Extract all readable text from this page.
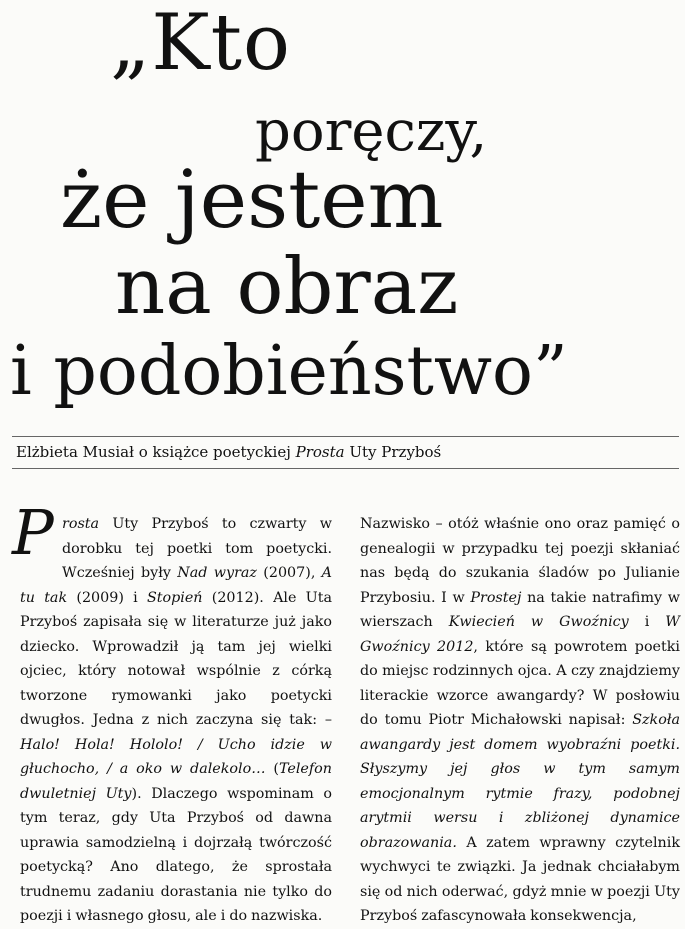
„Kto
poręczy,
że jestem
na obraz
i podobieństwo”
Elżbieta Musiał o książce poetyckiej Prosta Uty Przyboś

Prosta Uty Przyboś to czwarty w dorobku tej poetki tom poetycki. Wcześniej były Nad wyraz (2007), A tu tak (2009) i Stopień (2012). Ale Uta Przyboś zapisała się w literaturze już jako dziecko. Wprowadził ją tam jej wielki ojciec, który notował wspólnie z córką tworzone rymowanki jako poetycki dwugłos. Jedna z nich zaczyna się tak: – Halo! Hola! Hololo! / Ucho idzie w głuchocho, / a oko w dalekolo… (Telefon dwuletniej Uty). Dlaczego wspominam o tym teraz, gdy Uta Przyboś od dawna uprawia samodzielną i dojrzałą twórczość poetycką? Ano dlatego, że sprostała trudnemu zadaniu dorastania nie tylko do poezji i własnego głosu, ale i do nazwiska.

Nazwisko – otóż właśnie ono oraz pamięć o genealogii w przypadku tej poezji skłaniać nas będą do szukania śladów po Julianie Przybosiu. I w Prostej na takie natrafimy w wierszach Kwiecień w Gwoźnicy i W Gwoźnicy 2012, które są powrotem poetki do miejsc rodzinnych ojca. A czy znajdziemy literackie wzorce awangardy? W posłowiu do tomu Piotr Michałowski napisał: Szkoła awangardy jest domem wyobraźni poetki. Słyszymy jej głos w tym samym emocjonalnym rytmie frazy, podobnej arytmii wersu i zbliżonej dynamice obrazowania. A zatem wprawny czytelnik wychwyci te związki. Ja jednak chciałabym się od nich oderwać, gdyż mnie w poezji Uty Przyboś zafascynowała konsekwencja,
